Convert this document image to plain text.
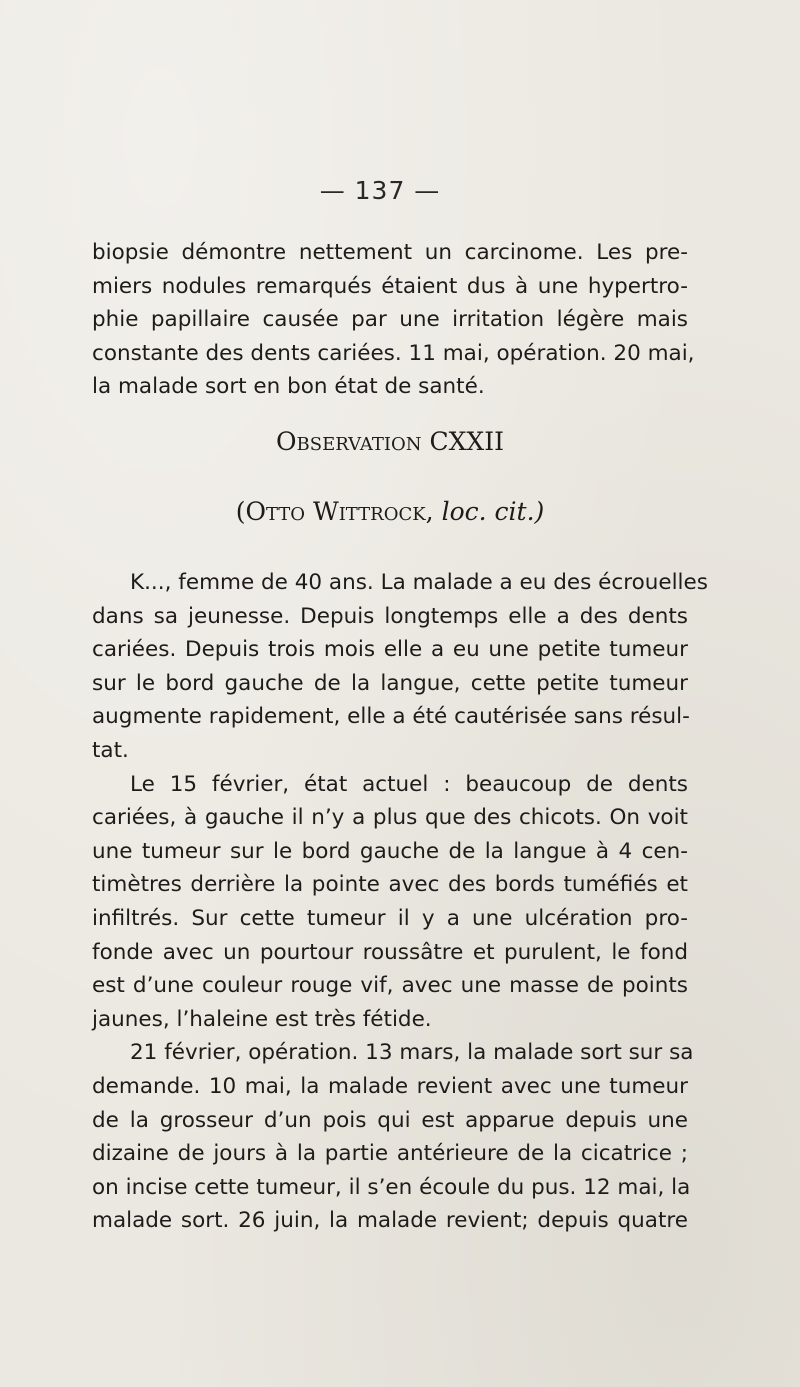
— 137 —
biopsie démontre nettement un carcinome. Les pre-
miers nodules remarqués étaient dus à une hypertro-
phie papillaire causée par une irritation légère mais
constante des dents cariées. 11 mai, opération. 20 mai,
la malade sort en bon état de santé.
Observation CXXII
(Otto Wittrock, loc. cit.)
K..., femme de 40 ans. La malade a eu des écrouelles
dans sa jeunesse. Depuis longtemps elle a des dents
cariées. Depuis trois mois elle a eu une petite tumeur
sur le bord gauche de la langue, cette petite tumeur
augmente rapidement, elle a été cautérisée sans résul-
tat.
Le 15 février, état actuel : beaucoup de dents
cariées, à gauche il n’y a plus que des chicots. On voit
une tumeur sur le bord gauche de la langue à 4 cen-
timètres derrière la pointe avec des bords tuméfiés et
infiltrés. Sur cette tumeur il y a une ulcération pro-
fonde avec un pourtour roussâtre et purulent, le fond
est d’une couleur rouge vif, avec une masse de points
jaunes, l’haleine est très fétide.
21 février, opération. 13 mars, la malade sort sur sa
demande. 10 mai, la malade revient avec une tumeur
de la grosseur d’un pois qui est apparue depuis une
dizaine de jours à la partie antérieure de la cicatrice ;
on incise cette tumeur, il s’en écoule du pus. 12 mai, la
malade sort. 26 juin, la malade revient; depuis quatre
